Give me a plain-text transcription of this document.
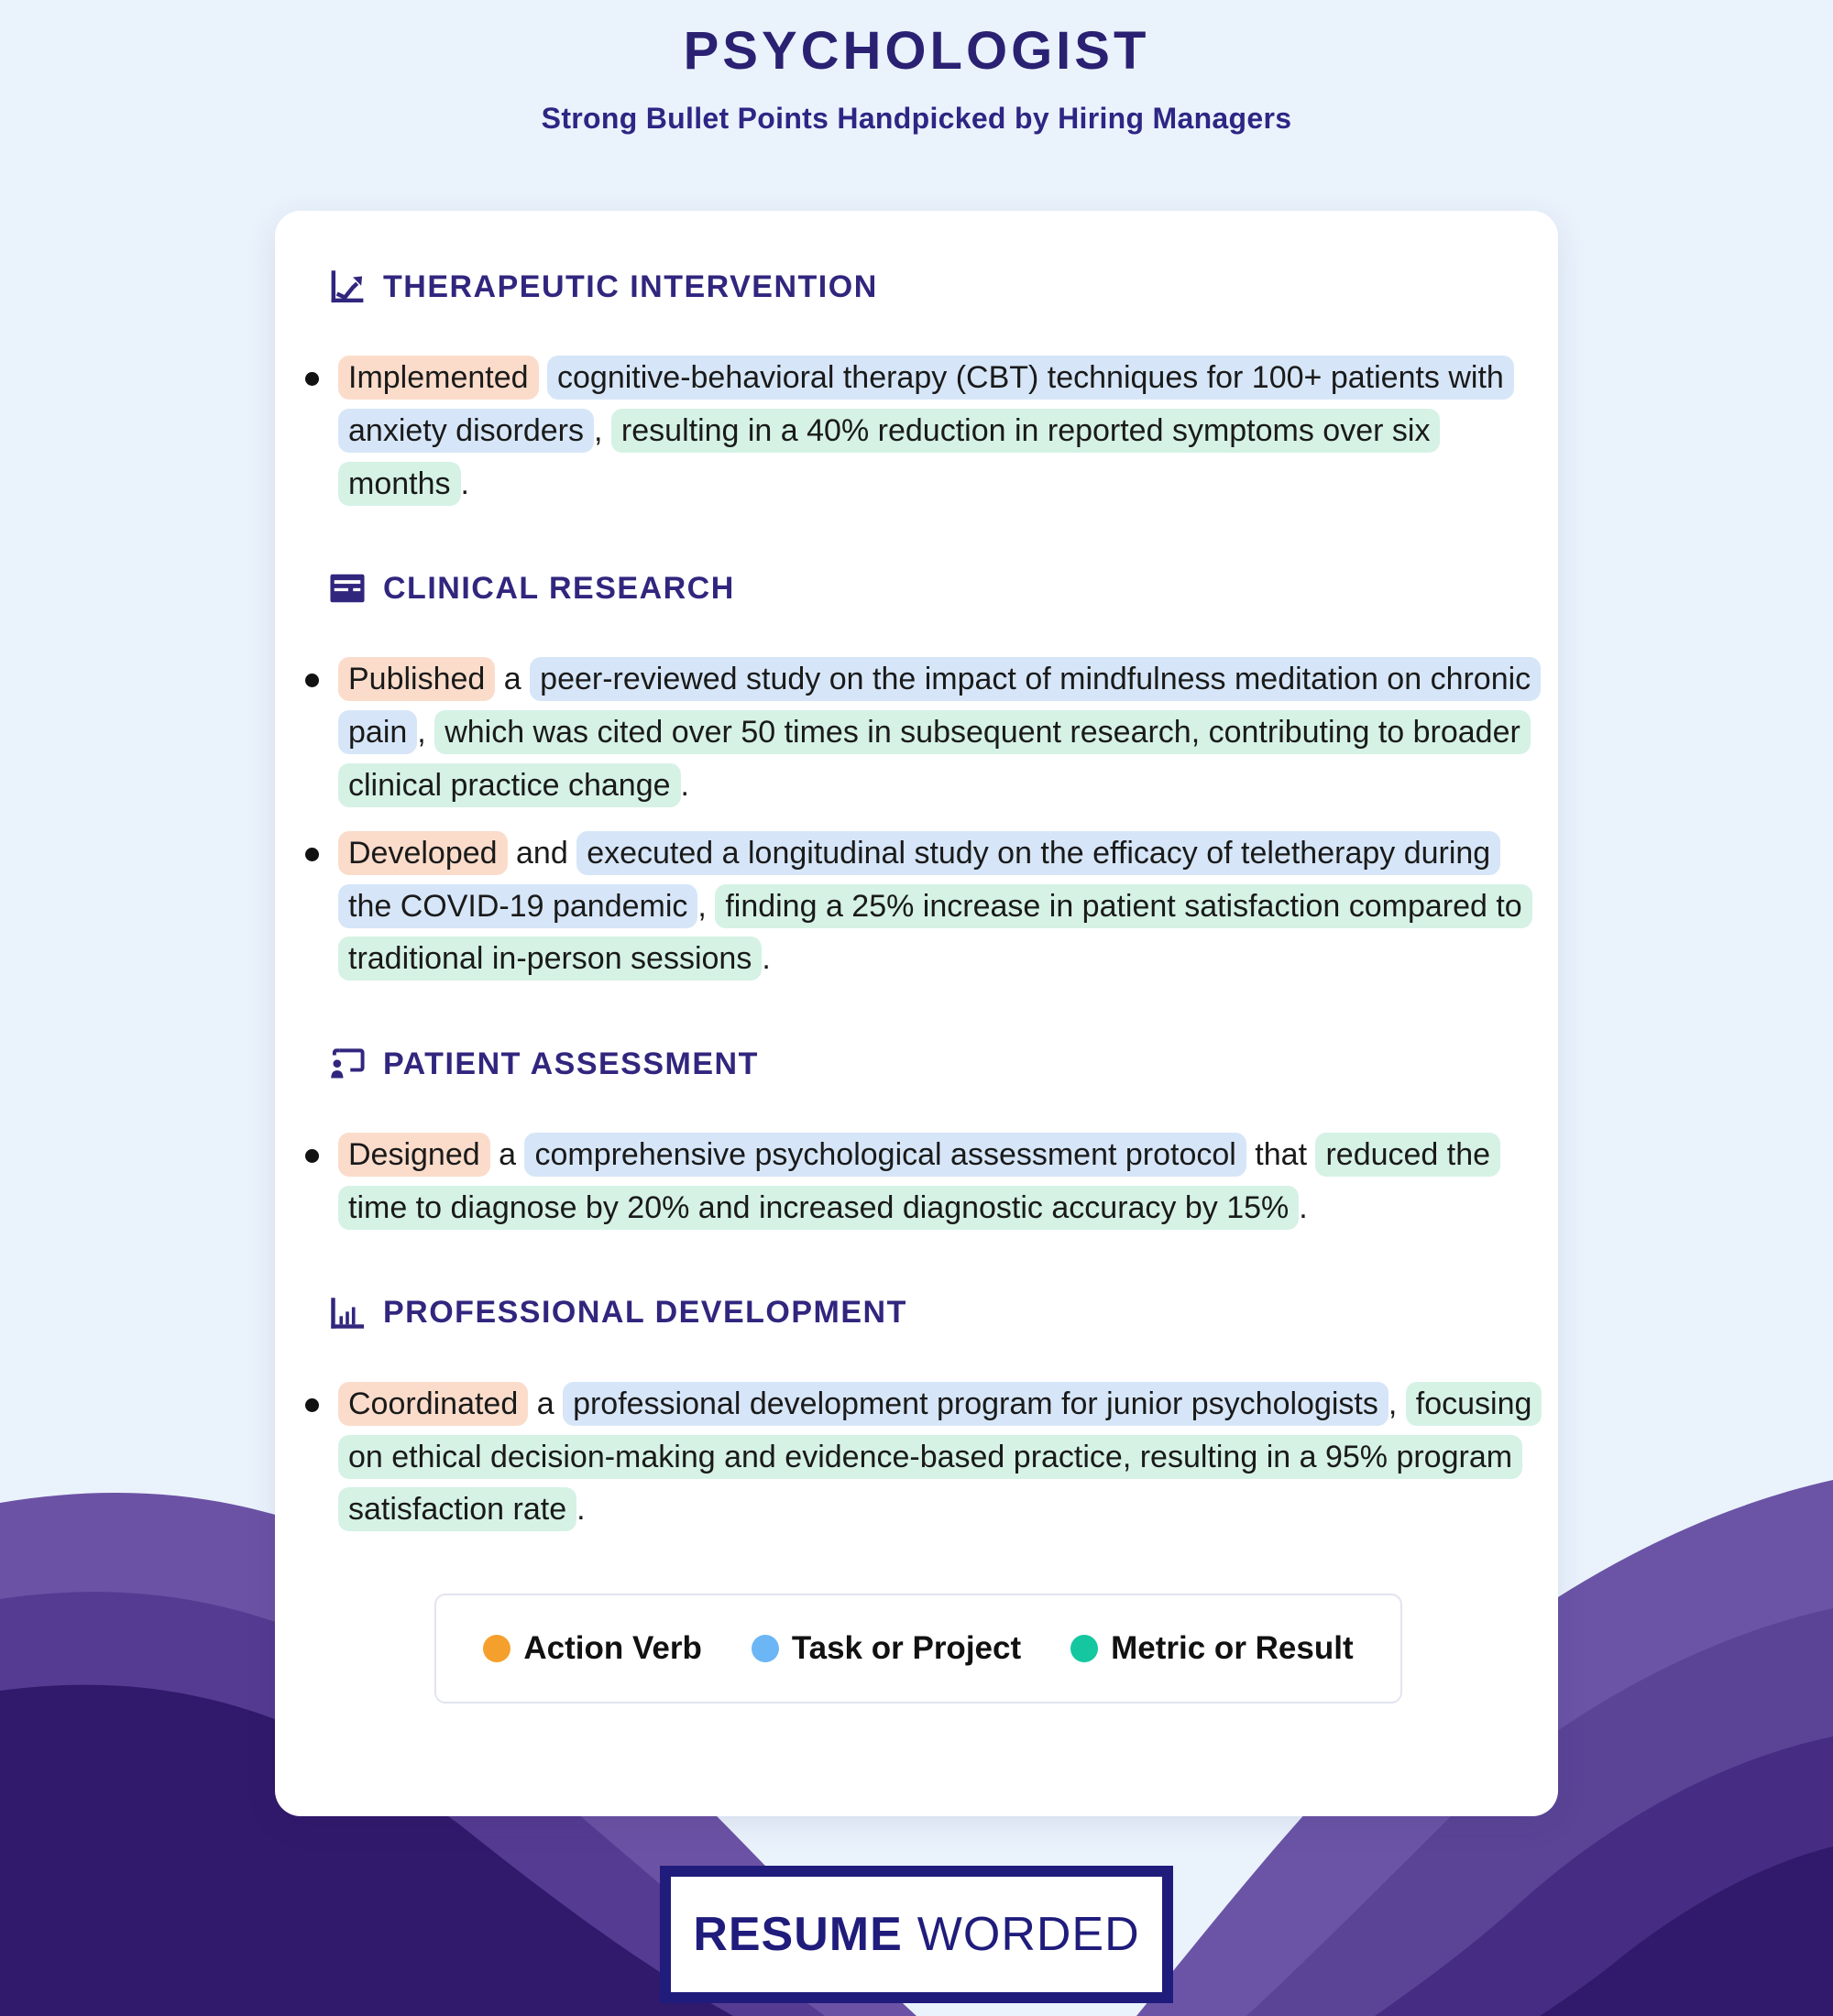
PSYCHOLOGIST
Strong Bullet Points Handpicked by Hiring Managers
THERAPEUTIC INTERVENTION

Implemented cognitive-behavioral therapy (CBT) techniques for 100+ patients with anxiety disorders , resulting in a 40% reduction in reported symptoms over six months .

CLINICAL RESEARCH

Published a peer-reviewed study on the impact of mindfulness meditation on chronic pain , which was cited over 50 times in subsequent research, contributing to broader clinical practice change .

Developed and executed a longitudinal study on the efficacy of teletherapy during the COVID-19 pandemic , finding a 25% increase in patient satisfaction compared to traditional in-person sessions .

PATIENT ASSESSMENT

Designed a comprehensive psychological assessment protocol that reduced the time to diagnose by 20% and increased diagnostic accuracy by 15% .

PROFESSIONAL DEVELOPMENT

Coordinated a professional development program for junior psychologists , focusing on ethical decision-making and evidence-based practice, resulting in a 95% program satisfaction rate .

Action Verb	Task or Project	Metric or Result
RESUME WORDED
